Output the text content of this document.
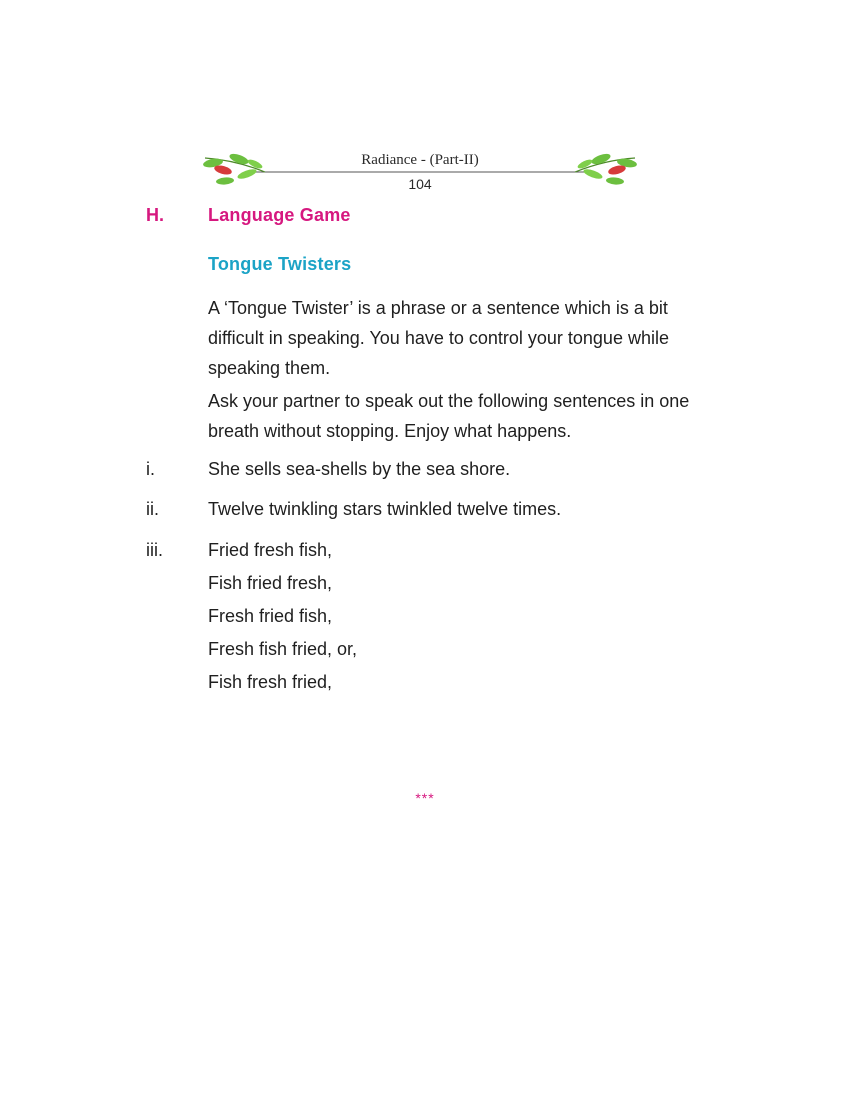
Radiance - (Part-II)
104
H. Language Game
Tongue Twisters

A ‘Tongue Twister’ is a phrase or a sentence which is a bit difficult in speaking. You have to control your tongue while speaking them.

Ask your partner to speak out the following sentences in one breath without stopping. Enjoy what happens.

i.	She sells sea-shells by the sea shore.
ii.	Twelve twinkling stars twinkled twelve times.
iii.	Fried fresh fish,
Fish fried fresh,
Fresh fried fish,
Fresh fish fried, or,
Fish fresh fried,
***
